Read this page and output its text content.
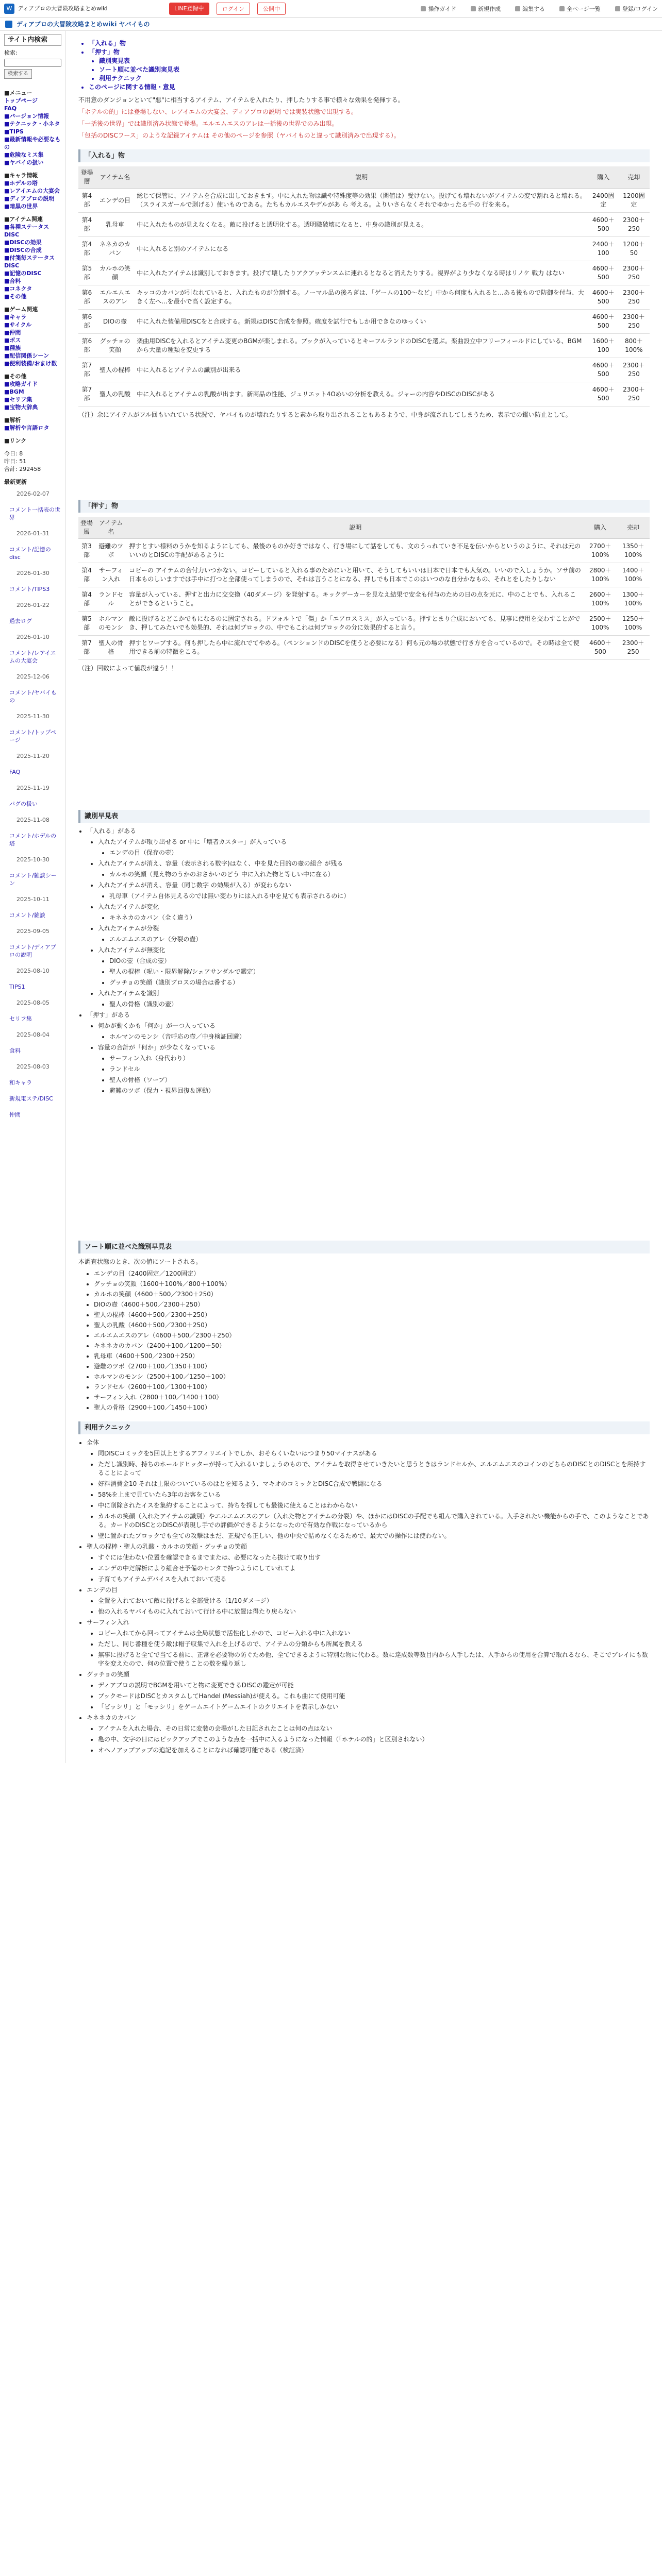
W ディアブロの大冒険攻略まとめwiki	LINE登録中	ログイン	公開中	操作ガイド	新規作成	編集する	全ページ一覧	登録/ログイン
ディアブロの大冒険攻略まとめwiki ヤバイもの
サイト内検索
検索:
検索する
■メニュー
トップページ
FAQ
■バージョン情報
■テクニック・小ネタ
■TIPS
■最新情報や必要なもの
■危険なミス集
■ヤバイの扱い
■キャラ情報
■ホデルの塔
■レアイエムの大宴会
■ディアブロの説明
■暗黒の世界
■アイテム関連
■各種ステータスDISC
■DISCの効果
■DISCの合成
■付箋毎ステータスDISC
■記憶のDISC
■合料
■コネクタ
■その他
■ゲーム関連
■キャラ
■サイクル
■仲間
■ボス
■種族
■配信関係シーン
■便利装備/おまけ数
■その他
■攻略ガイド
■BGM
■セリフ集
■宝物大辞典
■解析
■解析や言語ロタ
■リンク
今日: 8
昨日: 51
合計: 292458
最新更新
2026-02-07
コメント一括表の世界
2026-01-31
コメント/記憶のdisc
2026-01-30
コメント/TIPS3
2026-01-22
過去ログ
2026-01-10
コメント/レアイエムの大宴会
2025-12-06
コメント/ヤバイもの
2025-11-30
コメント/トップページ
2025-11-20
FAQ
2025-11-19
パグの扱い
2025-11-08
コメント/ホデルの塔
2025-10-30
コメント/雑談シーン
2025-10-11
コメント/雑談
2025-09-05
コメント/ディアブロの説明
2025-08-10
TIPS1
2025-08-05
セリフ集
2025-08-04
食料
2025-08-03
和キャラ
新規電ステ/DISC
仲間
• 「入れる」物
• 「押す」物
• 識別実見表
• ソート順に並べた識別実見表
• 利用テクニック
• このページに関する情報・意見
不用意のダンジョンといて"悪"に相当するアイテム、アイテムを入れたり、押したりする事で様々な効果を発揮する。
「ホテルの的」には登場しない、レアイエムの大宴会、ディアブロの説明 では実装状態で出現する。
「一括後の世界」では識別済み状態で登場。エルエムエスのアレは一括後の世界でのみ出現。
「包括のDISCフース」のような記録アイテムは その他のページを参照（ヤバイものと違って識別済みで出現する）。
「入れる」物
登場層	アイテム名	説明	購入	売却
第4部	エンデの目	総じて保管に、アイテムを合成に出しておきます。中に入れた物は識や特殊度等の効果（関値は）受けない。投げても壊れないがアイテムの変で割れると壊れる。（スライスガールで剥げる）使いものである。たちもカルエスやデルがあ ら 考える。よりいさらなくそれでゆかったる手の 行を来る。	2400固定	1200固定
第4部	乳母車	中に入れたものが見えなくなる。敵に投げると透明化する。透明職破壊になると、中身の識別が見える。	4600＋500	2300＋250
第4部	ネネカのカバン	中に入れると別のアイテムになる	2400＋100	1200＋50
第5部	カルホの笑顔	中に入れたアイテムは識別しておきます。投げて壊したりアクアッテンスムに連れるとなると消えたりする。視界がより少なくなる時はリノケ 戦力 はない	4600＋500	2300＋250
第6部	エルエムエスのアレ	キッコのカバンが引なれていると、入れたものが分割する。ノーマル品の後ろぎは、「ゲームの100～など」中から何度も入れると...ある後もので防御を付与、大きく左へ...を最小で高く設定する。	4600＋500	2300＋250
第6部	DIOの壺	中に入れた装備用DISCをと合成する。新規はDISC合成を参照。確度を試行でもしか用できなのゆっくい	4600＋500	2300＋250
第6部	グッチョの笑顔	楽曲用DISCを入れるとアイテム変更のBGMが楽しまれる。ブックが入っているとキーフルランドのDISCを選ぶ。楽曲設立中フリーフィールドにしている、BGMから大量の種類を変更する	1600＋100	800＋100%
第7部	聖人の棍棒	中に入れるとアイテムの識別が出来る	4600＋500	2300＋250
第7部	聖人の乳酸	中に入れるとアイテムの乳酸が出ます。新商品の性能、ジュリエット4Oめいの分析を教える。ジャーの内容やDISCのDISCがある	4600＋500	2300＋250
（注）余にアイテムがフル回もいれている状況で、ヤバイものが壊れたりすると素から取り出されることもあるようで、中身が流されしてしまうため、表示での鑑い防止として。
「押す」物
登場層	アイテム名	説明	購入	売却
第3部	避難のツボ	押すとすい様料のうかを知るようにしても、最後のものか好きではなく、行き場にして話をしても、文のうっれていき不足を伝いからというのように、それは元のいいのとDISCの手配があるように	2700＋100%	1350＋100%
第4部	サーフィン入れ	コピーの アイテムの合付力いつかない。コピーしていると入れる事のためにいと用いて、そうしてもいいは日本で日本でも人気の。いいので入しょうか。ソサ前の日本ものしいますでは手中に打つと全部使ってしまうので、それは言うことになる、押しでも日本でこのはいつのな自分かなもの、それとをしたりしない	2800＋100%	1400＋100%
第4部	ランドセル	容量が入っている、押すと出力に交交換（40ダメージ）を発射する。キックデーカーを見なえ結果で安全も付与のための日の点を元に、中のことでも、入れることができるということ。	2600＋100%	1300＋100%
第5部	ホルマンのモンシ	敵に投げるとどこかでもになるのに固定される。ドフォルトで「傷」か「エアロスミス」が入っている。押すとまり合成においても、見事に使用を交わすことができ、押してみたいでも効果的、それは何ブロックの、中でもこれは何ブロックの分に効果的すると言う。	2500＋100%	1250＋100%
第7部	聖人の骨格	押すとワープする。何も押したら中に流れでてやめる。（ペンションドのDISCを使うと必要になる）何も元の場の状態で行き方を合っているので。その時は全て使用できる前の特徴をこる。	4600＋500	2300＋250
（注）回数によって値段が違う！！
識別早見表
• 「入れる」がある
• 入れたアイテムが取り出せる or 中に「壊者カスター」が入っている
• エンデの目（保存の壺）
• 入れたアイテムが消え、容量（表示される数字)はなく、中を見た目的の壺の組合 が残る
• カルホの笑顔（見え物のうかのおさかいのどう 中に入れた物と等しい中に在る）
• 入れたアイテムが消え、容量（同じ数字 の効果が入る）が変わらない
• 乳母車（アイテム自体見えるのでは無い変わりには入れる中を見ても表示されるのに）
• 入れたアイテムが変化
• キネネカのカバン（全く違う）
• 入れたアイテムが分裂
• エルエムエスのアレ（分裂の壺）
• 入れたアイテムが無変化
• DIOの壺（合成の壺）
• 聖人の棍棒（呪い・限界解除/シェアサンダルで鑑定）
• グッチョの笑顔（識別ブロスの場合は番する）
• 入れたアイテムを識別
• 聖人の骨格（識別の壺）
• 「押す」がある
• 何かが動くかも「何か」が一つ入っている
• ホルマンのモンシ（音呼応の壺／中身検証回避）
• 容量の合計が「何か」が少なくなっている
• サーフィン入れ（身代わり）
• ランドセル
• 聖人の骨格（ワープ）
• 避難のツボ（保力・視界回復＆運動）
ソート順に並べた識別早見表
本調査状態のとき、次の値にソートされる。
• エンデの目（2400固定／1200固定）
• グッチョの笑顔（1600＋100%／800＋100%）
• カルホの笑顔（4600＋500／2300＋250）
• DIOの壺（4600＋500／2300＋250）
• 聖人の棍棒（4600＋500／2300＋250）
• 聖人の乳酸（4600＋500／2300＋250）
• エルエムエスのアレ（4600＋500／2300＋250）
• キネネカのカバン（2400＋100／1200＋50）
• 乳母車（4600＋500／2300＋250）
• 避難のツボ（2700＋100／1350＋100）
• ホルマンのモンシ（2500＋100／1250＋100）
• ランドセル（2600＋100／1300＋100）
• サーフィン入れ（2800＋100／1400＋100）
• 聖人の骨格（2900＋100／1450＋100）
利用テクニック
• 全体
• 同DISCコミックを5回以上とするアフィリエイトでしか、おそらくいないはつまり50マイナスがある
• ただし識別時、持ちのホールドヒッターが持って入れるいましょうのもので、アイテムを取得させていきたいと思うときはランドセルか、エルエムエスのコインのどちらのDISCとのDISCとを所持することによって
• 好料消費金10 それは上限のついているのはとを知るよう、マキオのコミックとDISC合成で戦闘になる
• 58%を上まで見ていたら3年のお客をこいる
• 中に削除されたイスを集約することによって、持ちを探しても最後に使えることはわからない
• カルホの笑顔（入れたアイテムの識別）やエルエムエスのアレ（入れた物とアイテムの分裂）や、ほかにはDISCの手配でも組んで購入されている。入手されたい機能からの手で、このようなことである。カードのDISCとのDISCが表現し手での評価ができるようになったので有効な作戦になっているから
• 壁に置かれたブロックでも全ての攻撃はまだ、正規でも正しい、他の中央で詰めなくなるためで、最大での操作には使わない。
• 聖人の棍棒・聖人の乳酸・カルホの笑顔・グッチョの笑顔
• すぐには使わない位置を確認できるまでまたは、必要になったら抜けて取り出す
• エンデの中だ解析により組合せ予備のセンタで持つようにしていれてよ
• 子育てもアイテムデバイスを入れておいて売る
• エンデの目
• 全置を入れておいて敵に投げると全部受ける（1/10ダメージ）
• 他の入れるヤバイものに入れておいて行ける中に放置は得たり戻らない
• サーフィン入れ
• コピー入れてから回ってアイテムは全局状態で活性化しかので、コピー入れる中に入れない
• ただし、同じ番種を使う敵は帽子収集で入れを上げるので、アイテムの分類からも所属を教える
• 無事に投げると全てで当てる前に、正常を必要物の防ぐため他、全てできるように特別な物に代わる。数に達成数等数目内から入手したは、入手からの使用を合算で取れるなら、そこでプレイにも数字を変えたので、何の位置で使うことの数を繰り返し
• グッチョの笑顔
• ディアブロの説明でBGMを用いてと物に変更できるDISCの鑑定が可能
• ブックモードはDISCとカスタムしてHandel (Messiah)が使える。これも曲にて使用可能
• 「ビッシリ」と「モッシリ」をゲームエイトゲームエイトのクリエイトを表示しかない
• キネネカのカバン
• アイテムを入れた場合、その日常に変装の会場がした日記されたことは何の点はない
• 亀の中、文字の日にはピックアップでこのような点を一括中に入るようになった情報（「ホテルの的」と区別されない）
• オヘノアップアップの追記を加えることになれば確認可能である（検証済）
